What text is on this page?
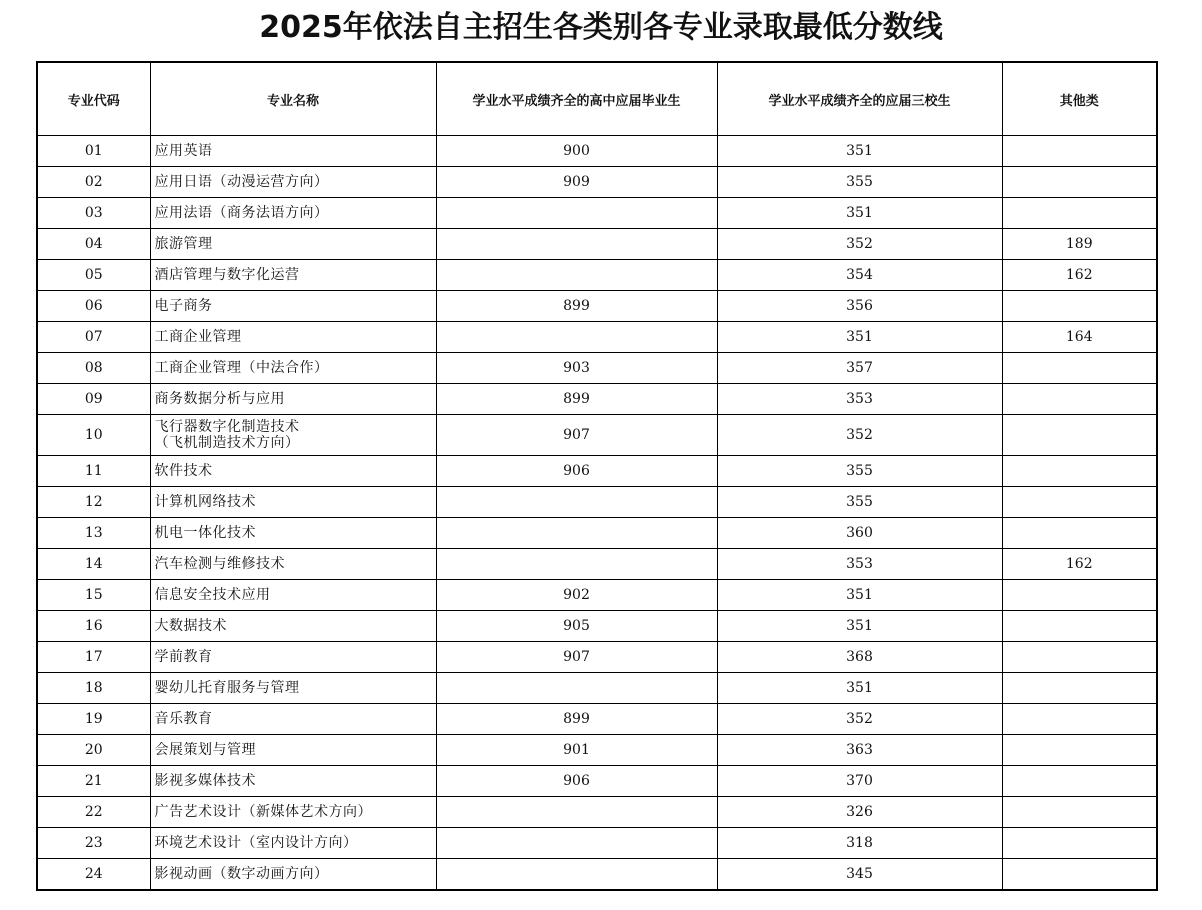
2025年依法自主招生各类别各专业录取最低分数线
专业代码	专业名称	学业水平成绩齐全的高中应届毕业生	学业水平成绩齐全的应届三校生	其他类
01	应用英语	900	351	
02	应用日语（动漫运营方向）	909	355	
03	应用法语（商务法语方向）		351	
04	旅游管理		352	189
05	酒店管理与数字化运营		354	162
06	电子商务	899	356	
07	工商企业管理		351	164
08	工商企业管理（中法合作）	903	357	
09	商务数据分析与应用	899	353	
10	飞行器数字化制造技术
（飞机制造技术方向）	907	352	
11	软件技术	906	355	
12	计算机网络技术		355	
13	机电一体化技术		360	
14	汽车检测与维修技术		353	162
15	信息安全技术应用	902	351	
16	大数据技术	905	351	
17	学前教育	907	368	
18	婴幼儿托育服务与管理		351	
19	音乐教育	899	352	
20	会展策划与管理	901	363	
21	影视多媒体技术	906	370	
22	广告艺术设计（新媒体艺术方向）		326	
23	环境艺术设计（室内设计方向）		318	
24	影视动画（数字动画方向）		345	
